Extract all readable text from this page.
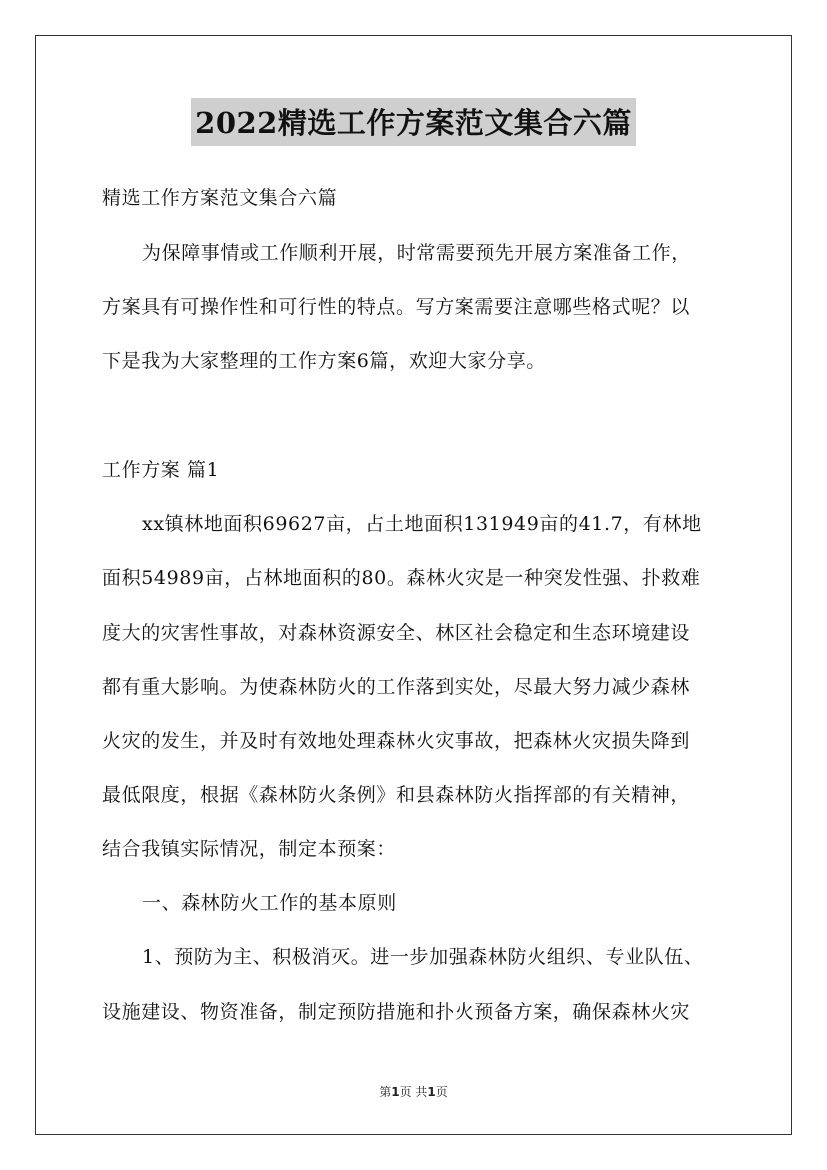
2022精选工作方案范文集合六篇
精选工作方案范文集合六篇
为保障事情或工作顺利开展，时常需要预先开展方案准备工作，
方案具有可操作性和可行性的特点。写方案需要注意哪些格式呢？以
下是我为大家整理的工作方案6篇，欢迎大家分享。
工作方案 篇1
xx镇林地面积69627亩，占土地面积131949亩的41.7，有林地
面积54989亩，占林地面积的80。森林火灾是一种突发性强、扑救难
度大的灾害性事故，对森林资源安全、林区社会稳定和生态环境建设
都有重大影响。为使森林防火的工作落到实处，尽最大努力减少森林
火灾的发生，并及时有效地处理森林火灾事故，把森林火灾损失降到
最低限度，根据《森林防火条例》和县森林防火指挥部的有关精神，
结合我镇实际情况，制定本预案：
一、森林防火工作的基本原则
1、预防为主、积极消灭。进一步加强森林防火组织、专业队伍、
设施建设、物资准备，制定预防措施和扑火预备方案，确保森林火灾
第1页 共1页
